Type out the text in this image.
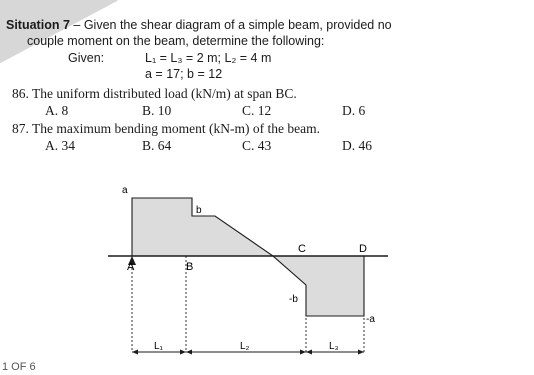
Situation 7 – Given the shear diagram of a simple beam, provided no
couple moment on the beam, determine the following:
Given:	L₁ = L₃ = 2 m; L₂ = 4 m
a = 17; b = 12
86. The uniform distributed load (kN/m) at span BC.
A. 8	B. 10	C. 12	D. 6
87. The maximum bending moment (kN-m) of the beam.
A. 34	B. 64	C. 43	D. 46
A	B
C	D
a
b
-b
-a
L₁	L₂	L₃
1 OF 6
